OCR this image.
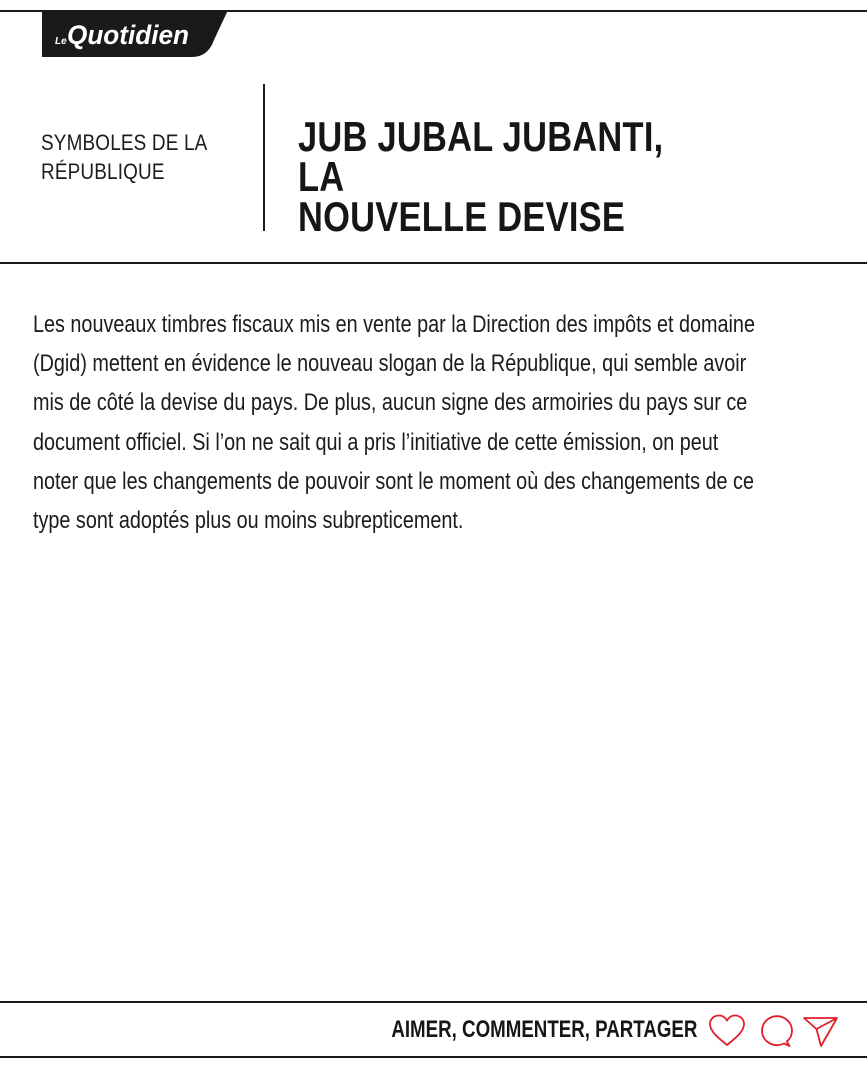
Le Quotidien
SYMBOLES DE LA
RÉPUBLIQUE
JUB JUBAL JUBANTI, LA
NOUVELLE DEVISE

Les nouveaux timbres fiscaux mis en vente par la Direction des impôts et domaine
(Dgid) mettent en évidence le nouveau slogan de la République, qui semble avoir
mis de côté la devise du pays. De plus, aucun signe des armoiries du pays sur ce
document officiel. Si l’on ne sait qui a pris l’initiative de cette émission, on peut
noter que les changements de pouvoir sont le moment où des changements de ce
type sont adoptés plus ou moins subrepticement.

AIMER, COMMENTER, PARTAGER
